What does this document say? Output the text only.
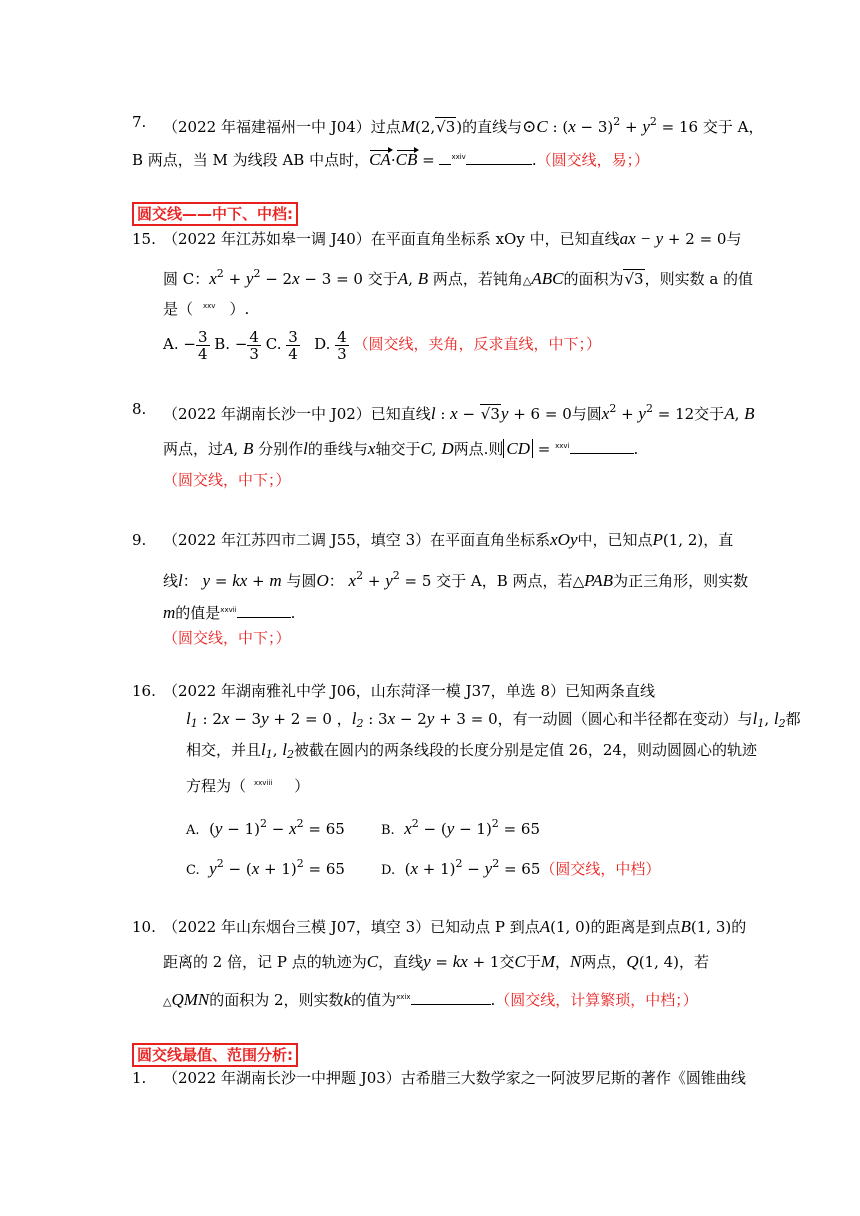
7. （2022 年福建福州一中 J04）过点M(2,√3)的直线与⊙C : $(x - 3)^2 + y^2 = 16$ 交于 A，
B 两点，当 M 为线段 AB 中点时，CA·CB = $^{xxiv}$	.（圆交线，易；）
圆交线——中下、中档:
15. （2022 年江苏如皋一调 J40）在平面直角坐标系 xOy 中，已知直线ax − y + 2 = 0与
圆 C：$x^2 + y^2 - 2x - 3 = 0$ 交于A, B 两点，若钝角△ABC的面积为√3，则实数 a 的值
是（ $^{xxv}$ ）.
A. − $\frac{3}{4} B$. − $\frac{4}{3} C$. $\frac{3}{4} D$. $\frac{4}{3}$ （圆交线，夹角，反求直线，中下；）
8. （2022 年湖南长沙一中 J02）已知直线l : x − √3y + 6 = 0与圆$x^2 + y^2 = 12$交于A, B
两点，过A, B 分别作l的垂线与x轴交于C, D两点.则 CD = $^{xxvi}$	.
（圆交线，中下；）
9. （2022 年江苏四市二调 J55，填空 3）在平面直角坐标系xOy中，已知点P(1, 2)，直
线l： y = kx + m 与圆O： $x^2 + y^2 = 5$ 交于 A，B 两点，若△PAB为正三角形，则实数
m的值是$^{xxvii}$	.
（圆交线，中下；）
16. （2022 年湖南雅礼中学 J06，山东菏泽一模 J37，单选 8）已知两条直线
$l_1$ : 2x − 3y + 2 = 0 ，$l_2$ : 3x − 2y + 3 = 0，有一动圆（圆心和半径都在变动）与$l_1$, $l_2$都
相交，并且$l_1$, $l_2$被截在圆内的两条线段的长度分别是定值 26，24，则动圆圆心的轨迹
方程为（ $^{xxviii}$ ）
A.  $(y - 1)^2 - x^2 = 65$	B. $x^2 - (y - 1)^2 = 65$
C. $y^2 - (x + 1)^2 = 65$	D.  $(x + 1)^2 - y^2 = 65$（圆交线，中档）
10. （2022 年山东烟台三模 J07，填空 3）已知动点 P 到点A(1, 0)的距离是到点B(1, 3)的
距离的 2 倍，记 P 点的轨迹为C，直线y = kx + 1交C于M，N两点，Q(1, 4)，若
△QMN的面积为 2，则实数k的值为$^{xxix}$	.（圆交线，计算繁琐，中档；）
圆交线最值、范围分析:
1. （2022 年湖南长沙一中押题 J03）古希腊三大数学家之一阿波罗尼斯的著作《圆锥曲线
